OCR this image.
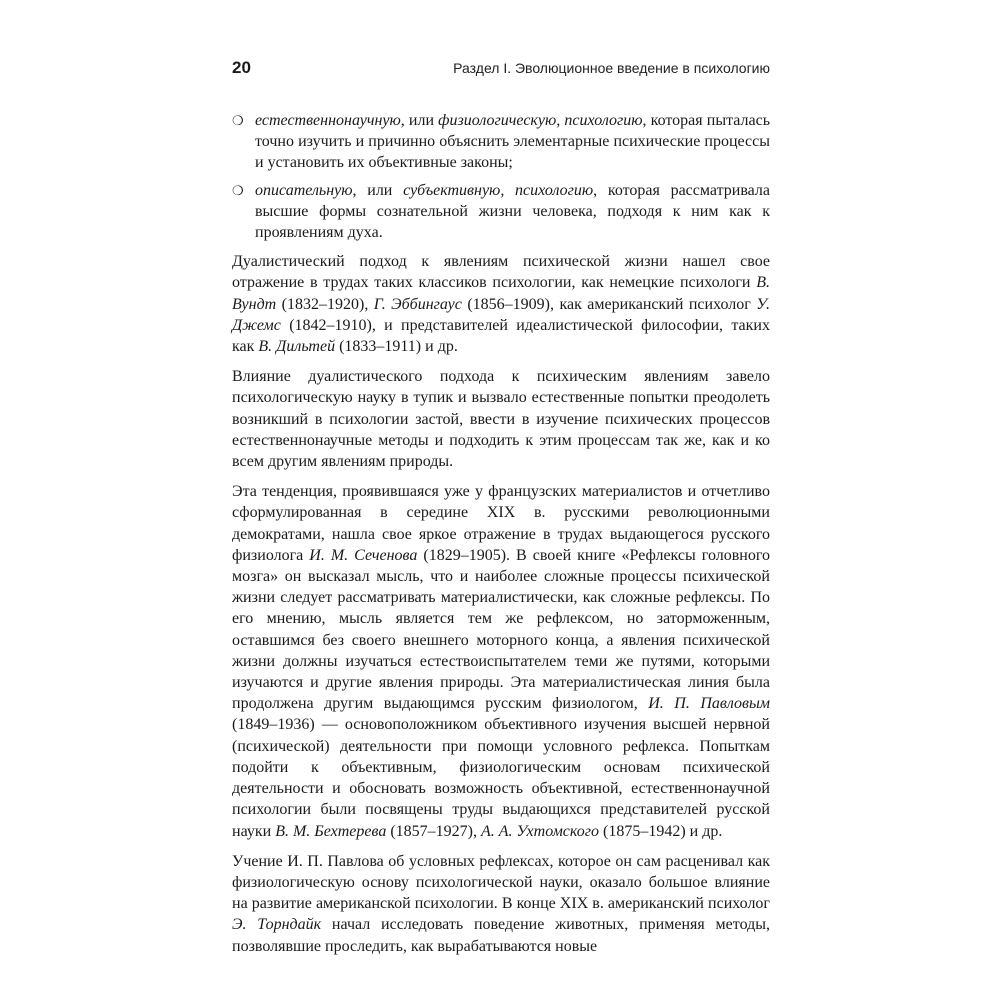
20	Раздел I. Эволюционное введение в психологию
❍ естественнонаучную, или физиологическую, психологию, которая пыталась точно изучить и причинно объяснить элементарные психические процессы и установить их объективные законы;
❍ описательную, или субъективную, психологию, которая рассматривала высшие формы сознательной жизни человека, подходя к ним как к проявлениям духа.

Дуалистический подход к явлениям психической жизни нашел свое отражение в трудах таких классиков психологии, как немецкие психологи В. Вундт (1832–1920), Г. Эббингаус (1856–1909), как американский психолог У. Джемс (1842–1910), и представителей идеалистической философии, таких как В. Дильтей (1833–1911) и др.

Влияние дуалистического подхода к психическим явлениям завело психологическую науку в тупик и вызвало естественные попытки преодолеть возникший в психологии застой, ввести в изучение психических процессов естественнонаучные методы и подходить к этим процессам так же, как и ко всем другим явлениям природы.

Эта тенденция, проявившаяся уже у французских материалистов и отчетливо сформулированная в середине XIX в. русскими революционными демократами, нашла свое яркое отражение в трудах выдающегося русского физиолога И. М. Сеченова (1829–1905). В своей книге «Рефлексы головного мозга» он высказал мысль, что и наиболее сложные процессы психической жизни следует рассматривать материалистически, как сложные рефлексы. По его мнению, мысль является тем же рефлексом, но заторможенным, оставшимся без своего внешнего моторного конца, а явления психической жизни должны изучаться естествоиспытателем теми же путями, которыми изучаются и другие явления природы. Эта материалистическая линия была продолжена другим выдающимся русским физиологом, И. П. Павловым (1849–1936) — основоположником объективного изучения высшей нервной (психической) деятельности при помощи условного рефлекса. Попыткам подойти к объективным, физиологическим основам психической деятельности и обосновать возможность объективной, естественнонаучной психологии были посвящены труды выдающихся представителей русской науки В. М. Бехтерева (1857–1927), А. А. Ухтомского (1875–1942) и др.

Учение И. П. Павлова об условных рефлексах, которое он сам расценивал как физиологическую основу психологической науки, оказало большое влияние на развитие американской психологии. В конце XIX в. американский психолог Э. Торндайк начал исследовать поведение животных, применяя методы, позволявшие проследить, как вырабатываются новые
